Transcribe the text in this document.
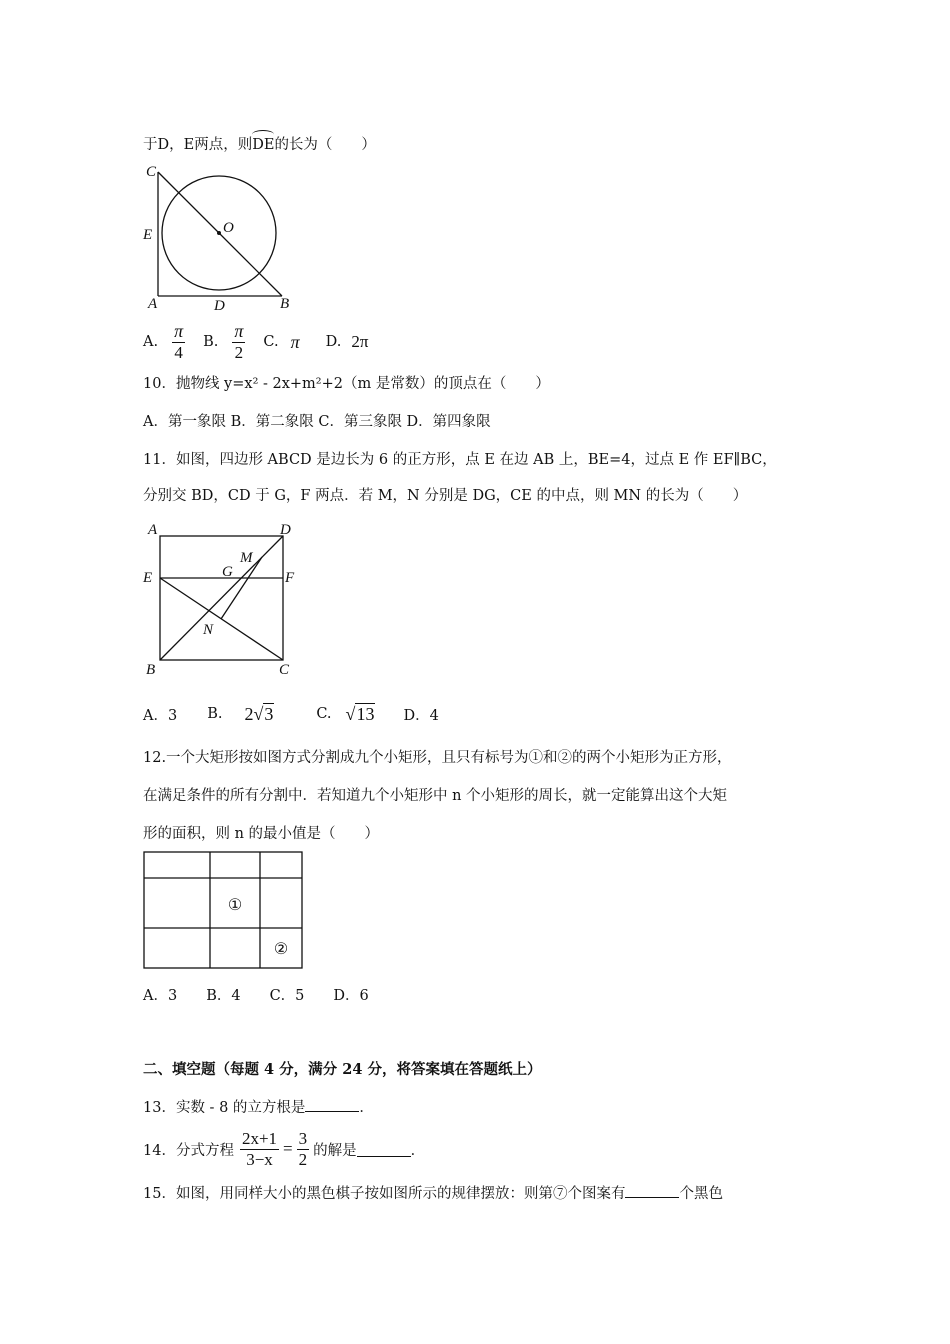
于D，E两点，则
DE的长为（　　）
C
E	O
A	D	B
A. $\frac{\pi}{4} B$. $\frac{\pi}{2} C$. π D. 2π
10．抛物线 y=x² - 2x+m²+2（m 是常数）的顶点在（　　）
A．第一象限 B．第二象限 C．第三象限 D．第四象限
11．如图，四边形 ABCD 是边长为 6 的正方形，点 E 在边 AB 上，BE=4，过点 E 作 EF∥BC，
分别交 BD，CD 于 G，F 两点．若 M，N 分别是 DG，CE 的中点，则 MN 的长为（　　）
A	D
M
E	G	F
N
B	C
A．3 B. 2√3	C. √13 D．4
12.一个大矩形按如图方式分割成九个小矩形，且只有标号为①和②的两个小矩形为正方形，
在满足条件的所有分割中．若知道九个小矩形中 n 个小矩形的周长，就一定能算出这个大矩
形的面积，则 n 的最小值是（　　）
①
②
A．3　　B．4　　C．5　　D．6
二、填空题（每题 4 分，满分 24 分，将答案填在答题纸上）
13．实数 - 8 的立方根是	．
14．分式方程 $\frac{2x+1}{3-x} = \frac{3}{2}$ 的解是	．
15．如图，用同样大小的黑色棋子按如图所示的规律摆放：则第⑦个图案有	个黑色
